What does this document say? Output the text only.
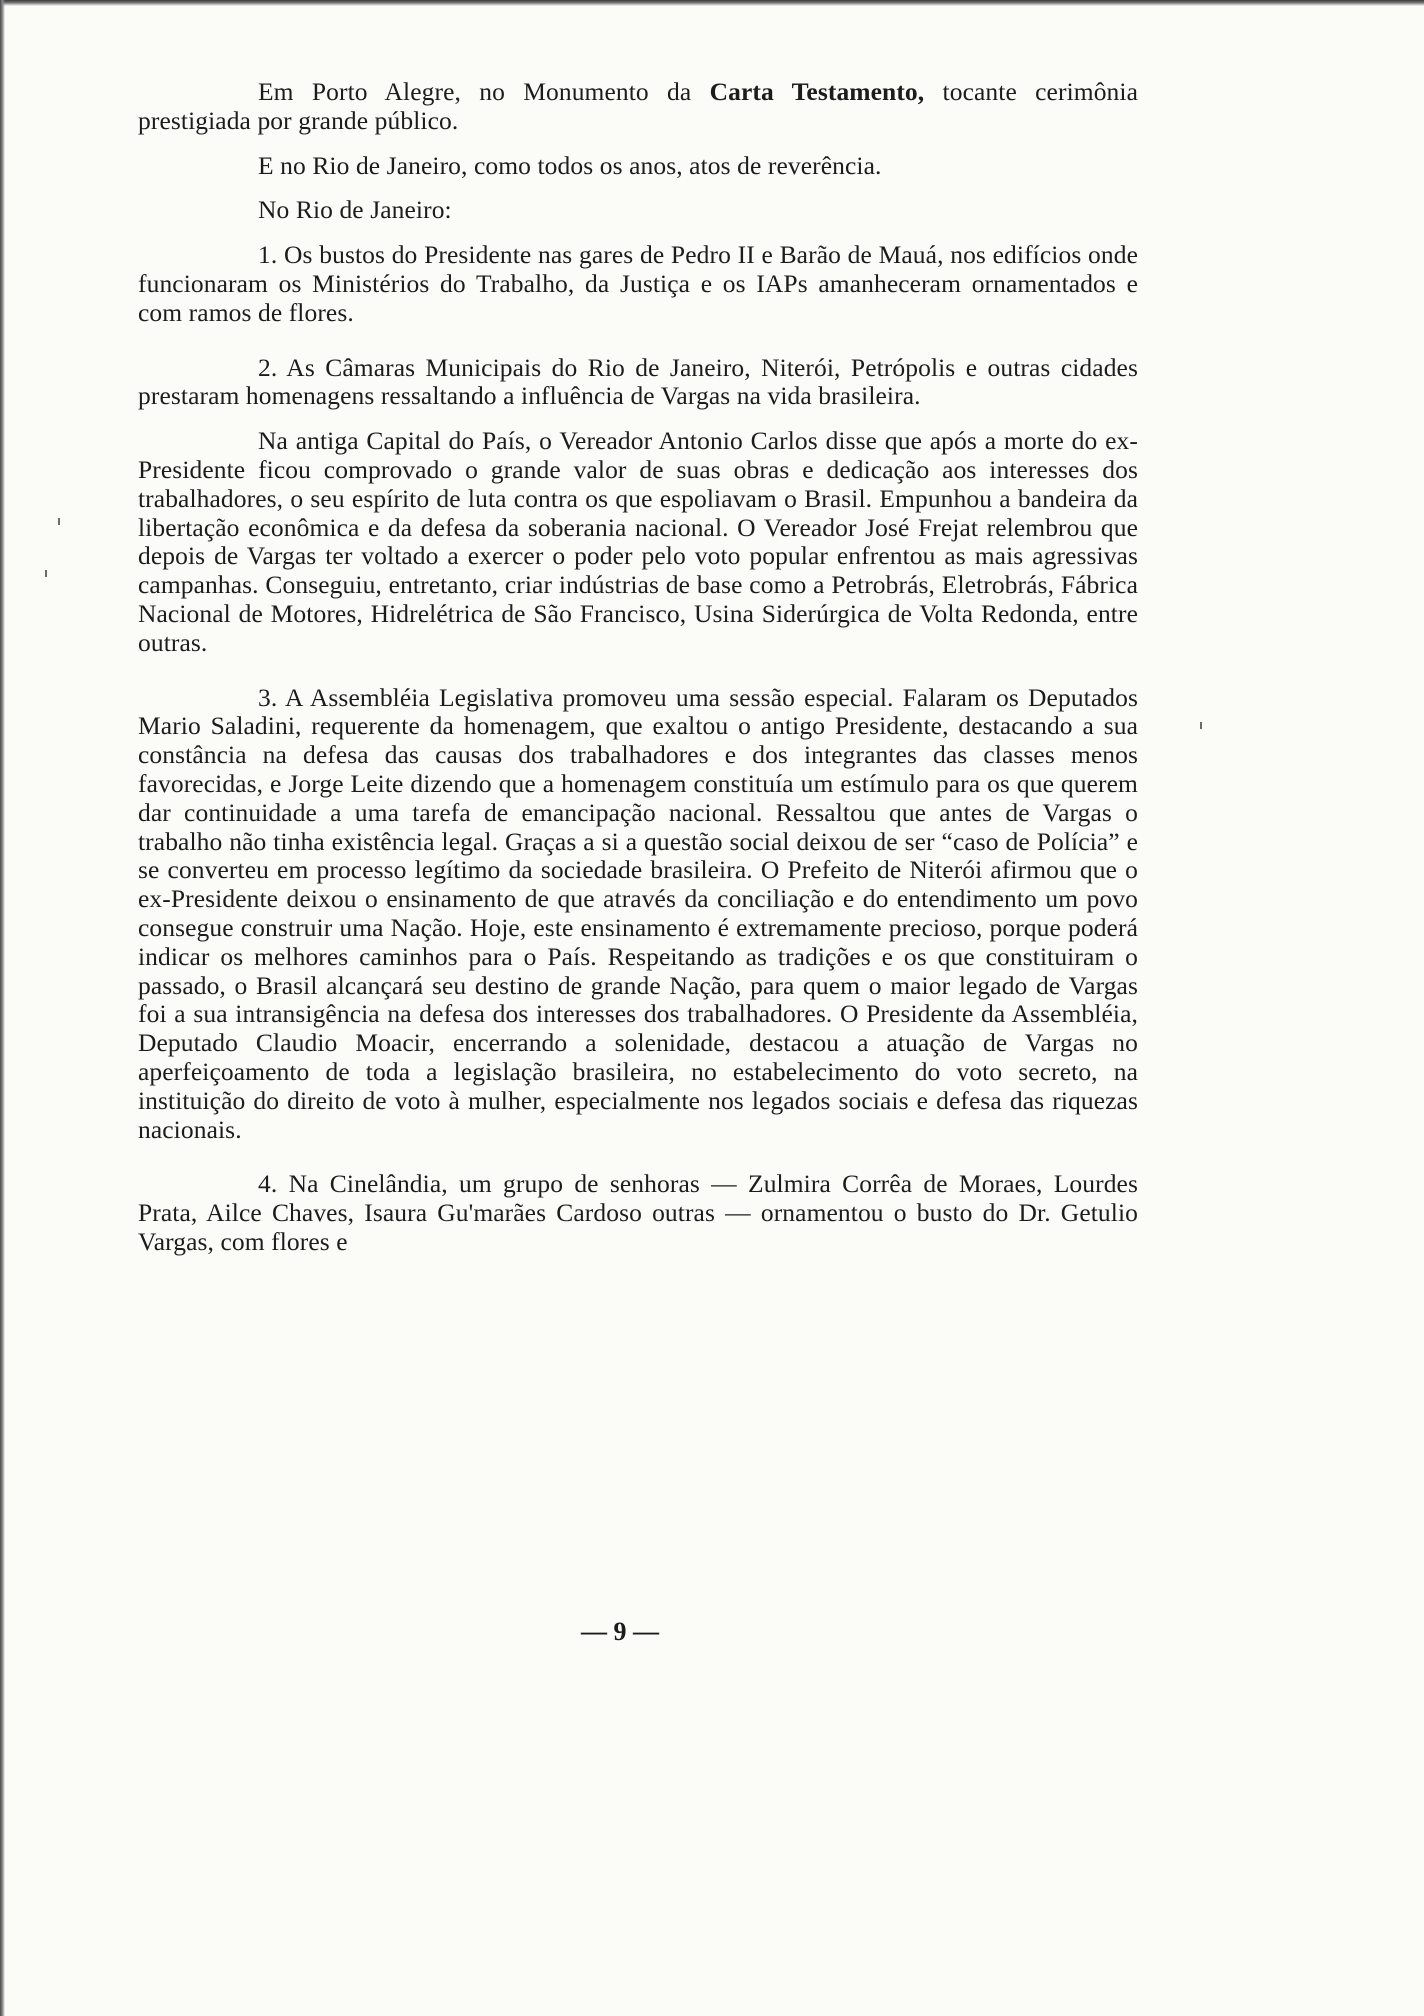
Em Porto Alegre, no Monumento da Carta Testamento, tocante cerimônia prestigiada por grande público.

E no Rio de Janeiro, como todos os anos, atos de reverência.

No Rio de Janeiro:

1. Os bustos do Presidente nas gares de Pedro II e Barão de Mauá, nos edifícios onde funcionaram os Ministérios do Trabalho, da Justiça e os IAPs amanheceram ornamentados e com ramos de flores.

2. As Câmaras Municipais do Rio de Janeiro, Niterói, Petrópolis e outras cidades prestaram homenagens ressaltando a influência de Vargas na vida brasileira.

Na antiga Capital do País, o Vereador Antonio Carlos disse que após a morte do ex-Presidente ficou comprovado o grande valor de suas obras e dedicação aos interesses dos trabalhadores, o seu espírito de luta contra os que espoliavam o Brasil. Empunhou a bandeira da libertação econômica e da defesa da soberania nacional. O Vereador José Frejat relembrou que depois de Vargas ter voltado a exercer o poder pelo voto popular enfrentou as mais agressivas campanhas. Conseguiu, entretanto, criar indústrias de base como a Petrobrás, Eletrobrás, Fábrica Nacional de Motores, Hidrelétrica de São Francisco, Usina Siderúrgica de Volta Redonda, entre outras.

3. A Assembléia Legislativa promoveu uma sessão especial. Falaram os Deputados Mario Saladini, requerente da homenagem, que exaltou o antigo Presidente, destacando a sua constância na defesa das causas dos trabalhadores e dos integrantes das classes menos favorecidas, e Jorge Leite dizendo que a homenagem constituía um estímulo para os que querem dar continuidade a uma tarefa de emancipação nacional. Ressaltou que antes de Vargas o trabalho não tinha existência legal. Graças a si a questão social deixou de ser “caso de Polícia” e se converteu em processo legítimo da sociedade brasileira. O Prefeito de Niterói afirmou que o ex-Presidente deixou o ensinamento de que através da conciliação e do entendimento um povo consegue construir uma Nação. Hoje, este ensinamento é extremamente precioso, porque poderá indicar os melhores caminhos para o País. Respeitando as tradições e os que constituiram o passado, o Brasil alcançará seu destino de grande Nação, para quem o maior legado de Vargas foi a sua intransigência na defesa dos interesses dos trabalhadores. O Presidente da Assembléia, Deputado Claudio Moacir, encerrando a solenidade, destacou a atuação de Vargas no aperfeiçoamento de toda a legislação brasileira, no estabelecimento do voto secreto, na instituição do direito de voto à mulher, especialmente nos legados sociais e defesa das riquezas nacionais.

4. Na Cinelândia, um grupo de senhoras — Zulmira Corrêa de Moraes, Lourdes Prata, Ailce Chaves, Isaura Gu'marães Cardoso outras — ornamentou o busto do Dr. Getulio Vargas, com flores e

— 9 —
